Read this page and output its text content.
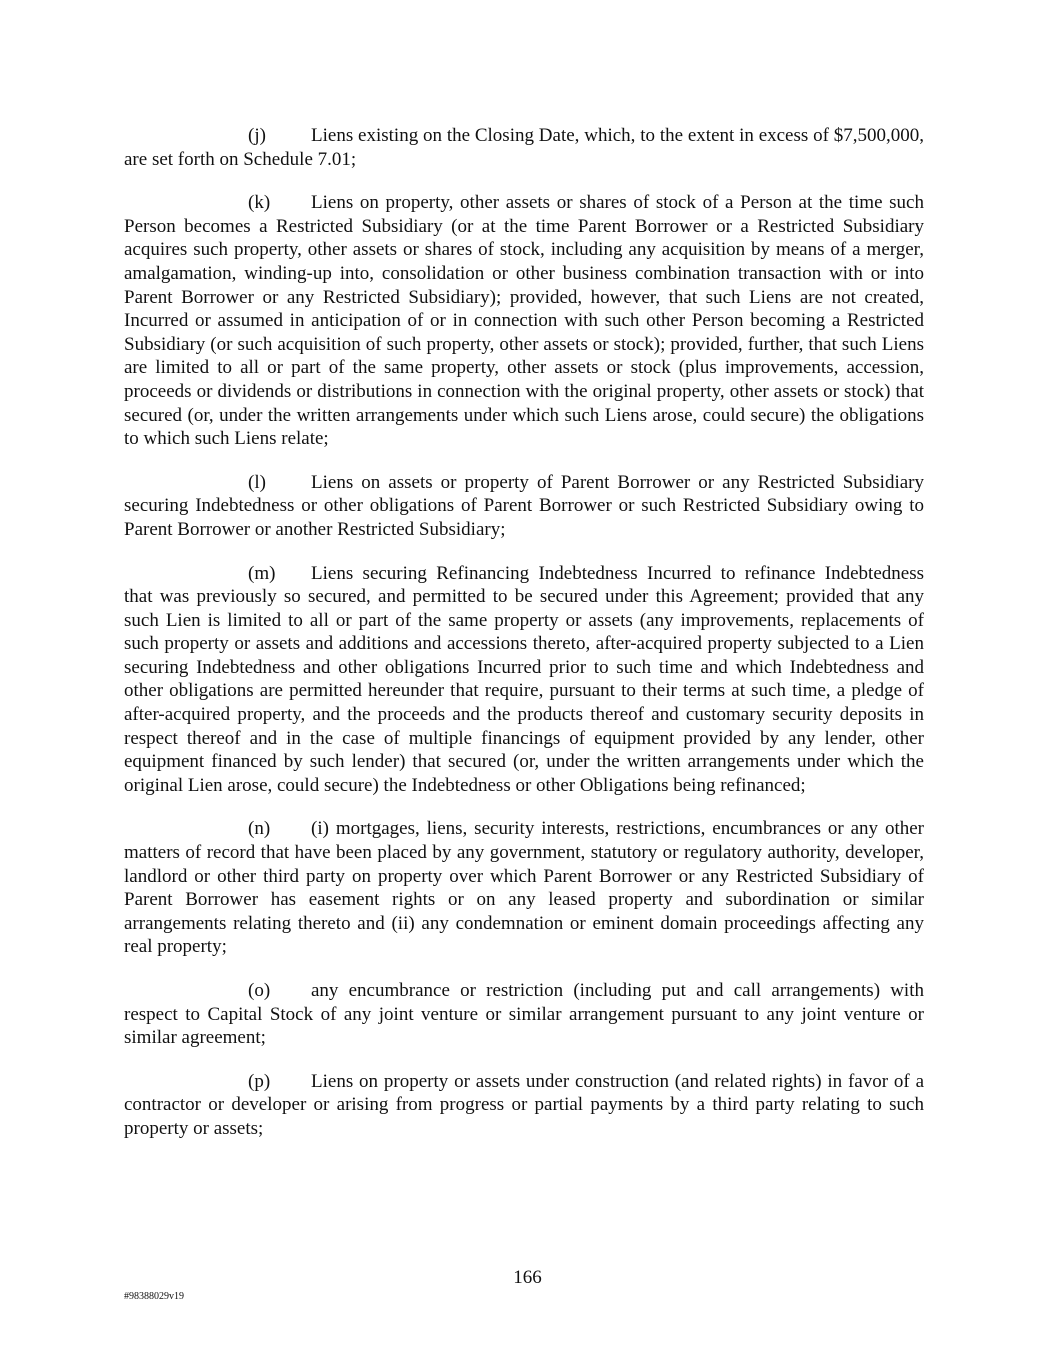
(j) Liens existing on the Closing Date, which, to the extent in excess of $7,500,000, are set forth on Schedule 7.01;

(k) Liens on property, other assets or shares of stock of a Person at the time such Person becomes a Restricted Subsidiary (or at the time Parent Borrower or a Restricted Subsidiary acquires such property, other assets or shares of stock, including any acquisition by means of a merger, amalgamation, winding-up into, consolidation or other business combination transaction with or into Parent Borrower or any Restricted Subsidiary); provided, however, that such Liens are not created, Incurred or assumed in anticipation of or in connection with such other Person becoming a Restricted Subsidiary (or such acquisition of such property, other assets or stock); provided, further, that such Liens are limited to all or part of the same property, other assets or stock (plus improvements, accession, proceeds or dividends or distributions in connection with the original property, other assets or stock) that secured (or, under the written arrangements under which such Liens arose, could secure) the obligations to which such Liens relate;

(l) Liens on assets or property of Parent Borrower or any Restricted Subsidiary securing Indebtedness or other obligations of Parent Borrower or such Restricted Subsidiary owing to Parent Borrower or another Restricted Subsidiary;

(m) Liens securing Refinancing Indebtedness Incurred to refinance Indebtedness that was previously so secured, and permitted to be secured under this Agreement; provided that any such Lien is limited to all or part of the same property or assets (any improvements, replacements of such property or assets and additions and accessions thereto, after-acquired property subjected to a Lien securing Indebtedness and other obligations Incurred prior to such time and which Indebtedness and other obligations are permitted hereunder that require, pursuant to their terms at such time, a pledge of after-acquired property, and the proceeds and the products thereof and customary security deposits in respect thereof and in the case of multiple financings of equipment provided by any lender, other equipment financed by such lender) that secured (or, under the written arrangements under which the original Lien arose, could secure) the Indebtedness or other Obligations being refinanced;

(n) (i) mortgages, liens, security interests, restrictions, encumbrances or any other matters of record that have been placed by any government, statutory or regulatory authority, developer, landlord or other third party on property over which Parent Borrower or any Restricted Subsidiary of Parent Borrower has easement rights or on any leased property and subordination or similar arrangements relating thereto and (ii) any condemnation or eminent domain proceedings affecting any real property;

(o) any encumbrance or restriction (including put and call arrangements) with respect to Capital Stock of any joint venture or similar arrangement pursuant to any joint venture or similar agreement;

(p) Liens on property or assets under construction (and related rights) in favor of a contractor or developer or arising from progress or partial payments by a third party relating to such property or assets;

166
#98388029v19
